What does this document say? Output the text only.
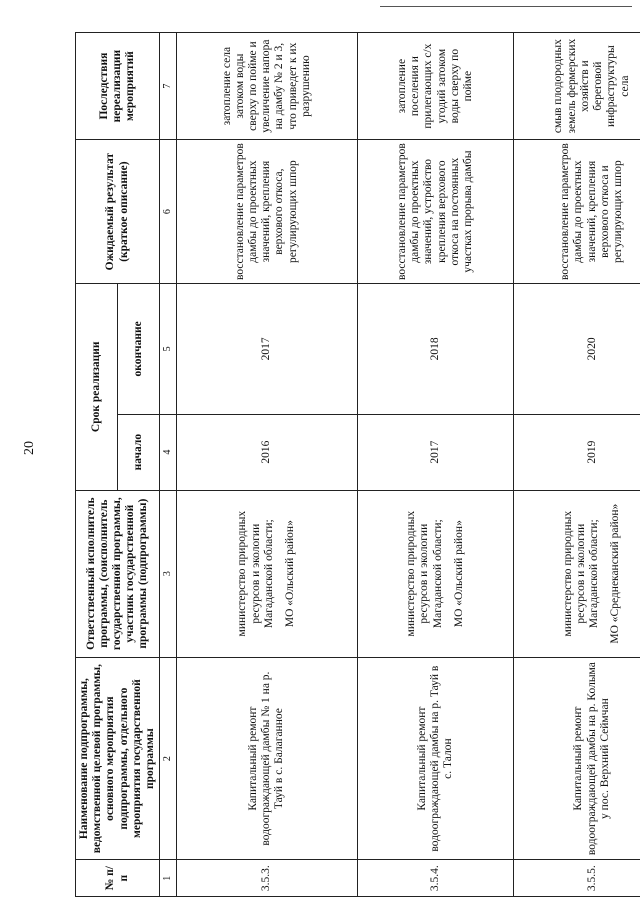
20
№ п/п	Наименование подпрограммы, ведомственной целевой программы, основного мероприятия подпрограммы, отдельного мероприятия государственной программы	Ответственный исполнитель программы, (соисполнитель государственной программы, участник государственной программы (подпрограммы)	Срок реализации		Ожидаемый результат (краткое описание)	Последствия нереализации мероприятий
			начало	окончание		
1	2	3	4	5	6	7
3.5.3.	Капитальный ремонт водоограждающей дамбы № 1 на р. Тауй в с. Балаганное	министерство природных ресурсов и экологии Магаданской области; МО «Ольский район»	2016	2017	восстановление параметров дамбы до проектных значений, крепления верхового откоса, регулирующих шпор	затопление села затоком воды сверху по пойме и увеличение напора на дамбу № 2 и 3, что приведет к их разрушению
3.5.4.	Капитальный ремонт водоограждающей дамбы на р. Тауй в с. Талон	министерство природных ресурсов и экологии Магаданской области; МО «Ольский район»	2017	2018	восстановление параметров дамбы до проектных значений, устройство крепления верхового откоса на постоянных участках прорыва дамбы	затопление поселения и прилегающих с/х угодий затоком воды сверху по пойме
3.5.5.	Капитальный ремонт водоограждающей дамбы на р. Колыма у пос. Верхний Сеймчан	министерство природных ресурсов и экологии Магаданской области; МО «Среднеканский район»	2019	2020	восстановление параметров дамбы до проектных значений, крепления верхового откоса и регулирующих шпор	смыв плодородных земель фермерских хозяйств и береговой инфраструктуры села
